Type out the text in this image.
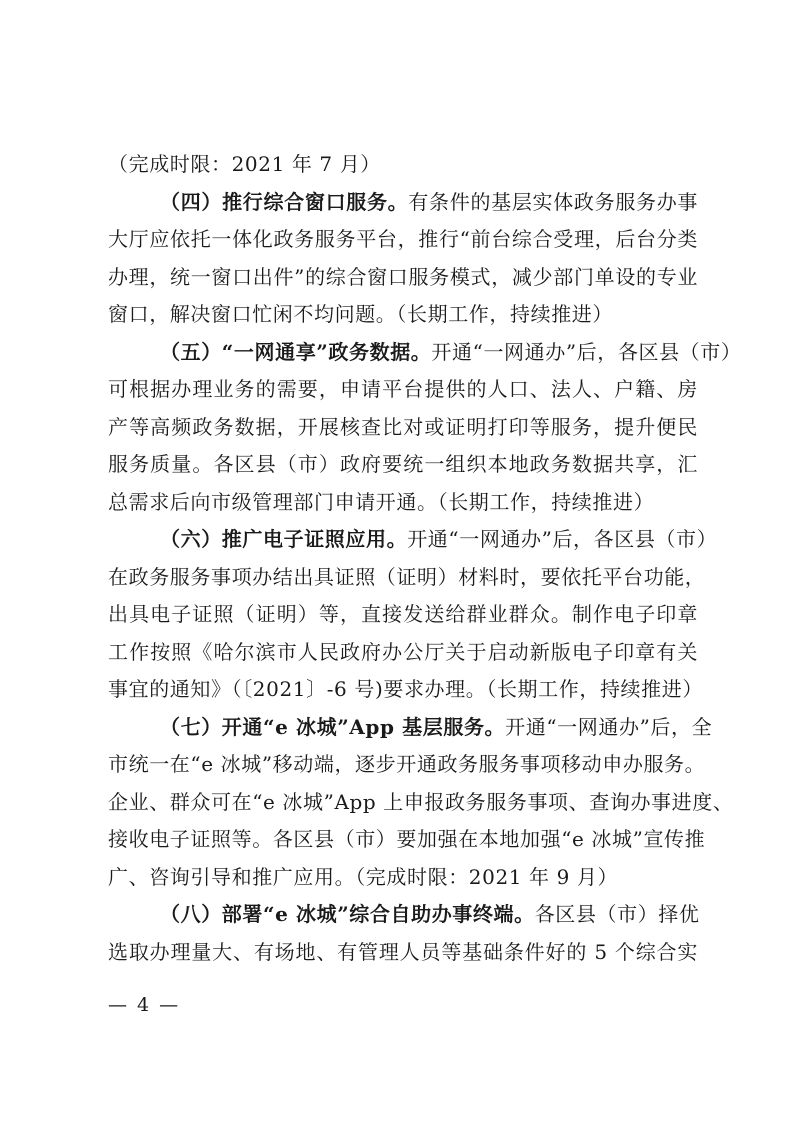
（完成时限：2021 年 7 月）
（四）推行综合窗口服务。有条件的基层实体政务服务办事
大厅应依托一体化政务服务平台，推行“前台综合受理，后台分类
办理，统一窗口出件”的综合窗口服务模式，减少部门单设的专业
窗口，解决窗口忙闲不均问题。（长期工作，持续推进）
（五）“一网通享”政务数据。开通“一网通办”后，各区县（市）
可根据办理业务的需要，申请平台提供的人口、法人、户籍、房
产等高频政务数据，开展核查比对或证明打印等服务，提升便民
服务质量。各区县（市）政府要统一组织本地政务数据共享，汇
总需求后向市级管理部门申请开通。（长期工作，持续推进）
（六）推广电子证照应用。开通“一网通办”后，各区县（市）
在政务服务事项办结出具证照（证明）材料时，要依托平台功能，
出具电子证照（证明）等，直接发送给群业群众。制作电子印章
工作按照《哈尔滨市人民政府办公厅关于启动新版电子印章有关
事宜的通知》（〔2021〕-6 号)要求办理。（长期工作，持续推进）
（七）开通“e 冰城”App 基层服务。开通“一网通办”后，全
市统一在“e 冰城”移动端，逐步开通政务服务事项移动申办服务。
企业、群众可在“e 冰城”App 上申报政务服务事项、查询办事进度、
接收电子证照等。各区县（市）要加强在本地加强“e 冰城”宣传推
广、咨询引导和推广应用。（完成时限：2021 年 9 月）
（八）部署“e 冰城”综合自助办事终端。各区县（市）择优
选取办理量大、有场地、有管理人员等基础条件好的 5 个综合实
— 4 —
